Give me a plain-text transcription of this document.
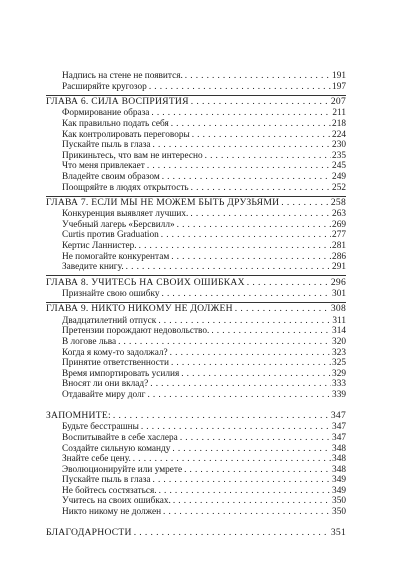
Надпись на стене не появится. . . .	191
Расширяйте кругозор . . .	197
ГЛАВА 6. СИЛА ВОСПРИЯТИЯ . . .	207
Формирование образа . . .	211
Как правильно подать себя . . .	218
Как контролировать переговоры . . .	224
Пускайте пыль в глаза . . .	230
Прикиньтесь, что вам не интересно . . .	235
Что меня привлекает . . .	245
Владейте своим образом . . .	249
Поощряйте в людях открытость . . .	252
ГЛАВА 7. ЕСЛИ МЫ НЕ МОЖЕМ БЫТЬ ДРУЗЬЯМИ . . .	258
Конкуренция выявляет лучших. . . .	263
Учебный лагерь «Берсвилл» . . .	269
Curtis против Graduation . . .	277
Кертис Ланнистер. . . .	281
Не помогайте конкурентам . . .	286
Заведите книгу. . . .	291
ГЛАВА 8. УЧИТЕСЬ НА СВОИХ ОШИБКАХ . . .	296
Признайте свою ошибку . . .	301
ГЛАВА 9. НИКТО НИКОМУ НЕ ДОЛЖЕН . . .	308
Двадцатилетний отпуск . . .	311
Претензии порождают недовольство. . . .	314
В логове льва . . .	320
Когда я кому-то задолжал? . . .	323
Принятие ответственности . . .	325
Время импортировать усилия . . .	329
Вносят ли они вклад? . . .	333
Отдавайте миру долг . . .	339
ЗАПОМНИТЕ: . . .	347
Будьте бесстрашны . . .	347
Воспитывайте в себе хаслера . . .	347
Создайте сильную команду . . .	348
Знайте себе цену. . . .	348
Эволюционируйте или умрете . . .	348
Пускайте пыль в глаза . . .	349
Не бойтесь состязаться. . . .	349
Учитесь на своих ошибках. . . .	350
Никто никому не должен . . .	350
БЛАГОДАРНОСТИ . . .	351
